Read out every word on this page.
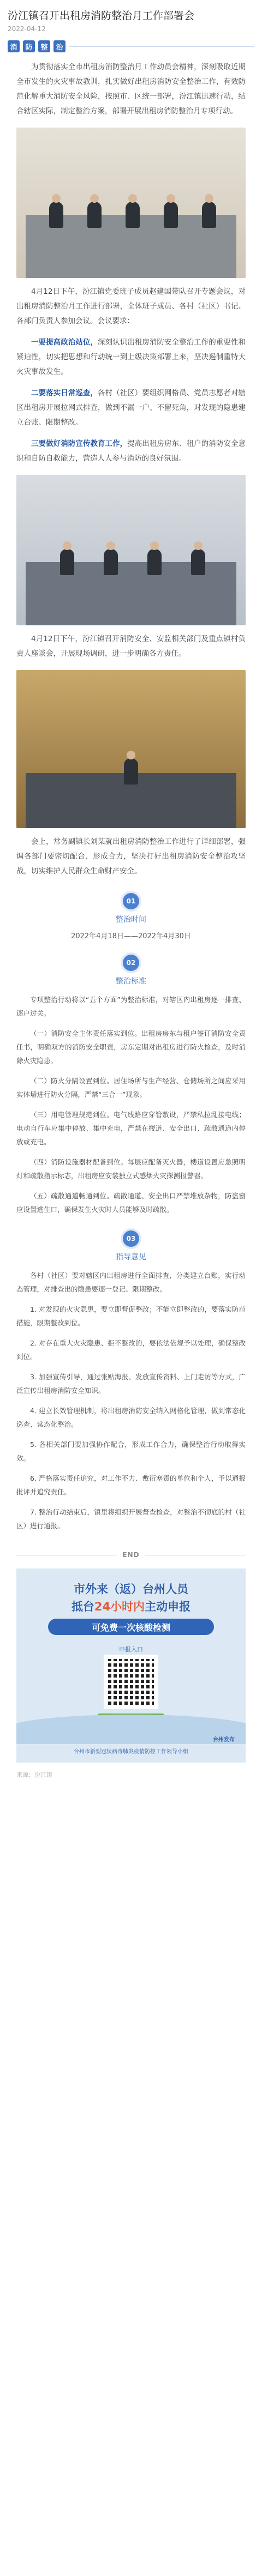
汾江镇召开出租房消防整治月工作部署会
2022-04-12
消	防	整	治

为贯彻落实全市出租房消防整治月工作动员会精神，深刻吸取近期全市发生的火灾事故教训，扎实做好出租房消防安全整治工作，有效防范化解重大消防安全风险，按照市、区统一部署，汾江镇迅速行动，结合辖区实际，制定整治方案，部署开展出租房消防整治月专项行动。

4月12日下午，汾江镇党委班子成员赵建国带队召开专题会议，对出租房消防整治月工作进行部署，全体班子成员、各村（社区）书记、各部门负责人参加会议。会议要求：

一要提高政治站位，深刻认识出租房消防安全整治工作的重要性和紧迫性，切实把思想和行动统一到上级决策部署上来，坚决遏制重特大火灾事故发生。

二要落实日常巡查，各村（社区）要组织网格员、党员志愿者对辖区出租房开展拉网式排查，做到不漏一户、不留死角，对发现的隐患建立台账、限期整改。

三要做好消防宣传教育工作，提高出租房房东、租户的消防安全意识和自防自救能力，营造人人参与消防的良好氛围。

4月12日下午，汾江镇召开消防安全、安监相关部门及重点镇村负责人座谈会，开展现场调研，进一步明确各方责任。

会上，常务副镇长刘某就出租房消防整治工作进行了详细部署，强调各部门要密切配合、形成合力，坚决打好出租房消防安全整治攻坚战，切实维护人民群众生命财产安全。

01
整治时间
2022年4月18日——2022年4月30日
02
整治标准

专项整治行动将以“五个方面”为整治标准，对辖区内出租房逐一排查、逐户过关。

（一）消防安全主体责任落实到位。出租房房东与租户签订消防安全责任书，明确双方的消防安全职责，房东定期对出租房进行防火检查，及时消除火灾隐患。

（二）防火分隔设置到位。居住场所与生产经营、仓储场所之间应采用实体墙进行防火分隔，严禁“三合一”现象。

（三）用电管理规范到位。电气线路应穿管敷设，严禁私拉乱接电线；电动自行车应集中停放、集中充电，严禁在楼道、安全出口、疏散通道内停放或充电。

（四）消防设施器材配备到位。每层应配备灭火器，楼道设置应急照明灯和疏散指示标志，出租房应安装独立式感烟火灾探测报警器。

（五）疏散通道畅通到位。疏散通道、安全出口严禁堆放杂物，防盗窗应设置逃生口，确保发生火灾时人员能够及时疏散。

03
指导意见

各村（社区）要对辖区内出租房进行全面排查，分类建立台账，实行动态管理，对排查出的隐患要逐一登记、限期整改。

1. 对发现的火灾隐患，要立即督促整改；不能立即整改的，要落实防范措施，限期整改到位。

2. 对存在重大火灾隐患、拒不整改的，要依法依规予以处理，确保整改到位。

3. 加强宣传引导，通过张贴海报、发放宣传资料、上门走访等方式，广泛宣传出租房消防安全知识。

4. 建立长效管理机制，将出租房消防安全纳入网格化管理，做到常态化巡查、常态化整治。

5. 各相关部门要加强协作配合，形成工作合力，确保整治行动取得实效。

6. 严格落实责任追究，对工作不力、敷衍塞责的单位和个人，予以通报批评并追究责任。

7. 整治行动结束后，镇里将组织开展督查检查，对整治不彻底的村（社区）进行通报。

END
市外来（返）台州人员
抵台24小时内主动申报
可免费一次核酸检测
申报入口
台州发布
台州市新型冠状病毒肺炎疫情防控工作领导小组
来源：汾江镇
